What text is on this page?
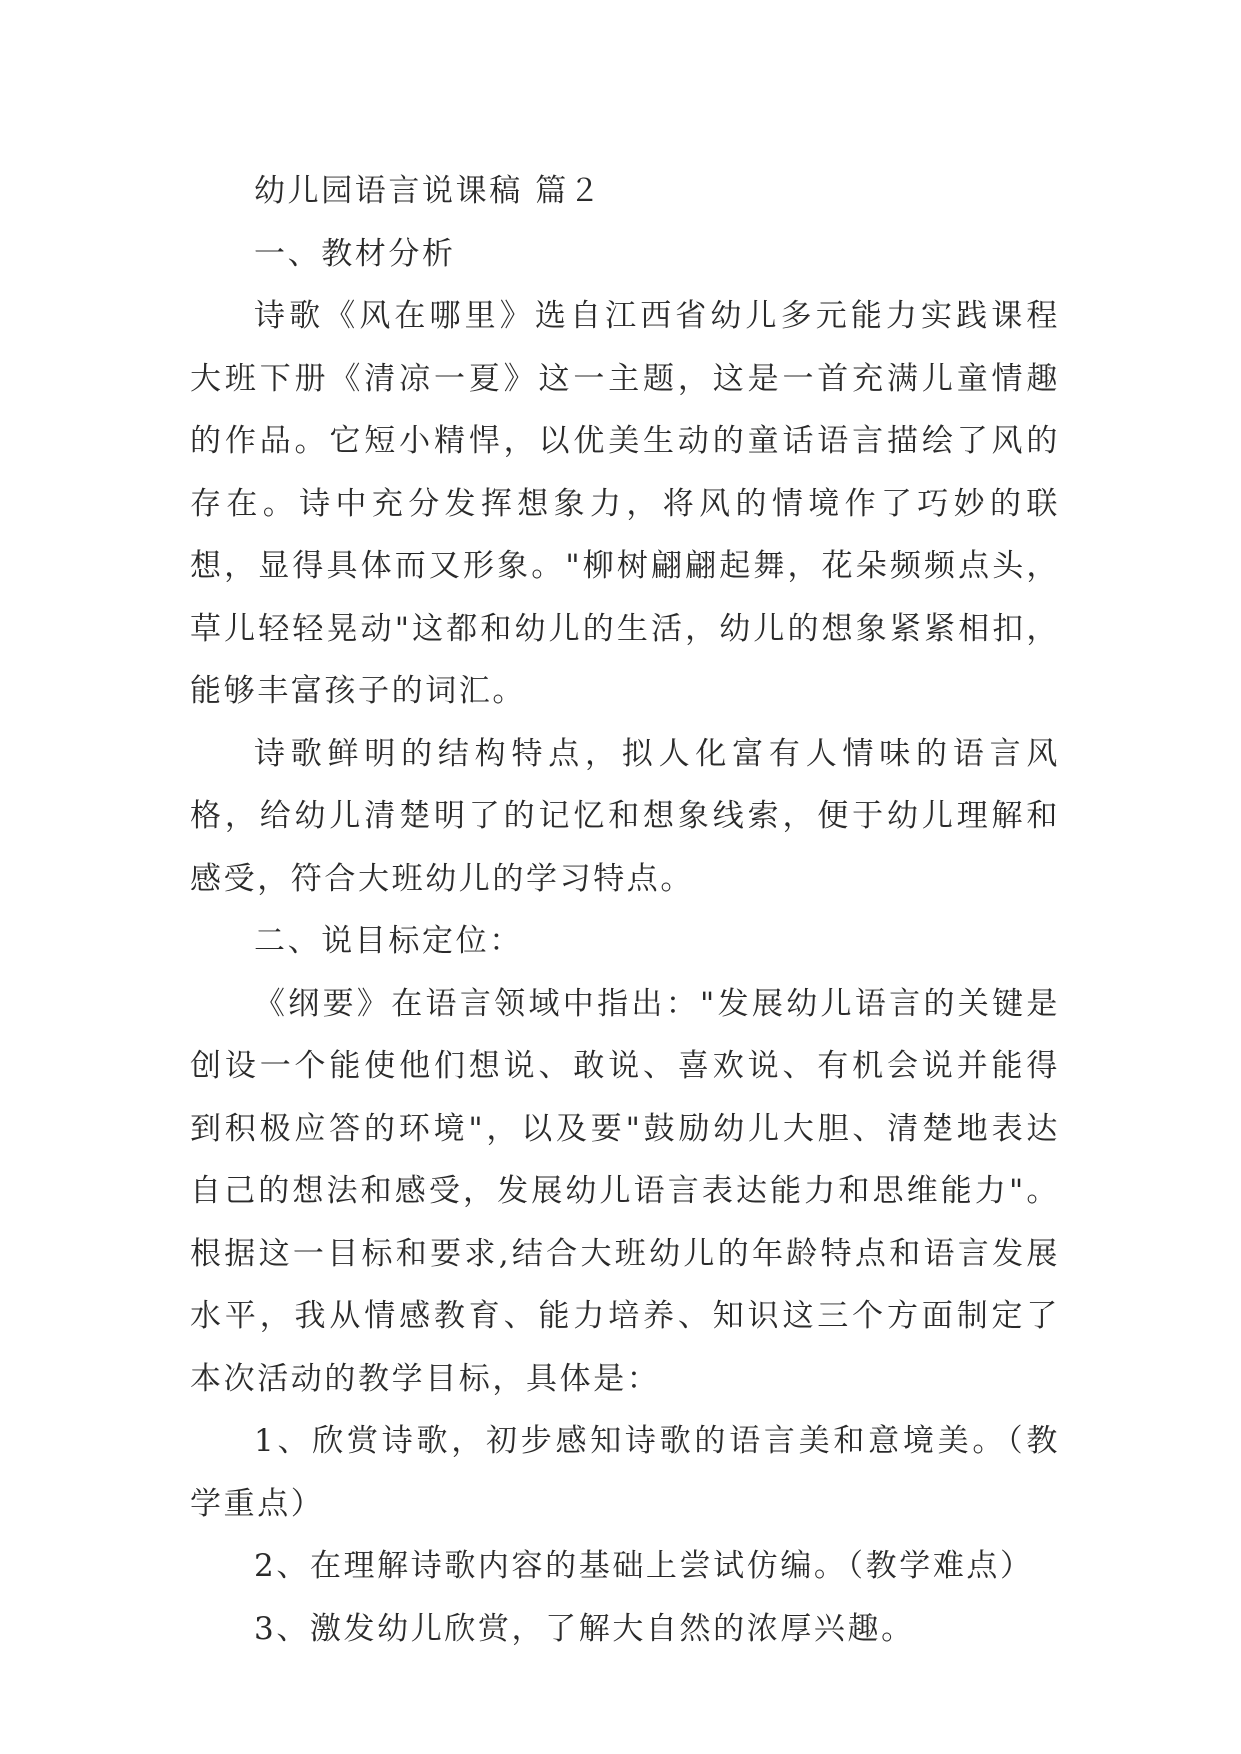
幼儿园语言说课稿 篇２

一、教材分析

诗歌《风在哪里》选自江西省幼儿多元能力实践课程大班下册《清凉一夏》这一主题，这是一首充满儿童情趣的作品。它短小精悍，以优美生动的童话语言描绘了风的存在。诗中充分发挥想象力，将风的情境作了巧妙的联想，显得具体而又形象。"柳树翩翩起舞，花朵频频点头，草儿轻轻晃动"这都和幼儿的生活，幼儿的想象紧紧相扣，能够丰富孩子的词汇。

诗歌鲜明的结构特点，拟人化富有人情味的语言风格，给幼儿清楚明了的记忆和想象线索，便于幼儿理解和感受，符合大班幼儿的学习特点。

二、说目标定位：

《纲要》在语言领域中指出："发展幼儿语言的关键是创设一个能使他们想说、敢说、喜欢说、有机会说并能得到积极应答的环境"，以及要"鼓励幼儿大胆、清楚地表达自己的想法和感受，发展幼儿语言表达能力和思维能力"。根据这一目标和要求,结合大班幼儿的年龄特点和语言发展水平，我从情感教育、能力培养、知识这三个方面制定了本次活动的教学目标，具体是：

1、欣赏诗歌，初步感知诗歌的语言美和意境美。（教学重点）

2、在理解诗歌内容的基础上尝试仿编。（教学难点）

3、激发幼儿欣赏，了解大自然的浓厚兴趣。
